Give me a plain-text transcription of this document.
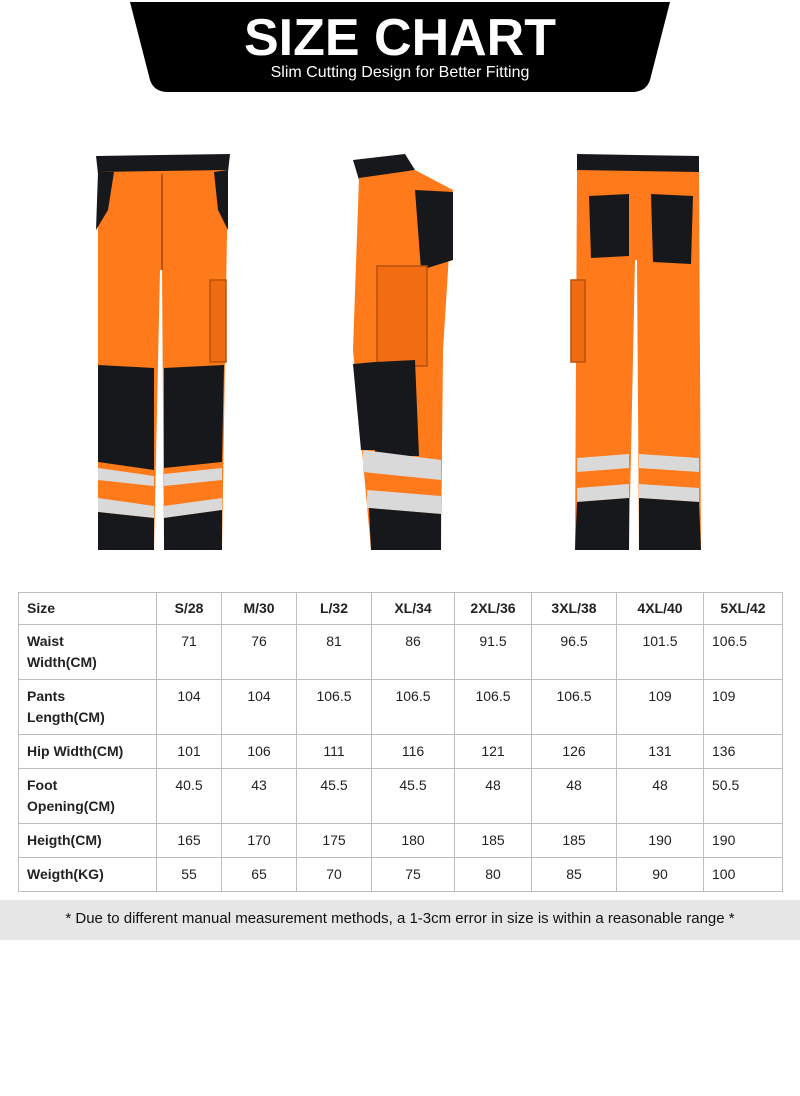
SIZE CHART
Slim Cutting Design for Better Fitting
Size	S/28	M/30	L/32	XL/34	2XL/36	3XL/38	4XL/40	5XL/42

Waist
Width(CM)	71	76	81	86	91.5	96.5	101.5	106.5

Pants
Length(CM)	104	104	106.5	106.5	106.5	106.5	109	109

Hip Width(CM)	101	106	111	116	121	126	131	136

Foot
Opening(CM)	40.5	43	45.5	45.5	48	48	48	50.5

Heigth(CM)	165	170	175	180	185	185	190	190

Weigth(KG)	55	65	70	75	80	85	90	100
* Due to different manual measurement methods, a 1-3cm error in size is within a reasonable range *
